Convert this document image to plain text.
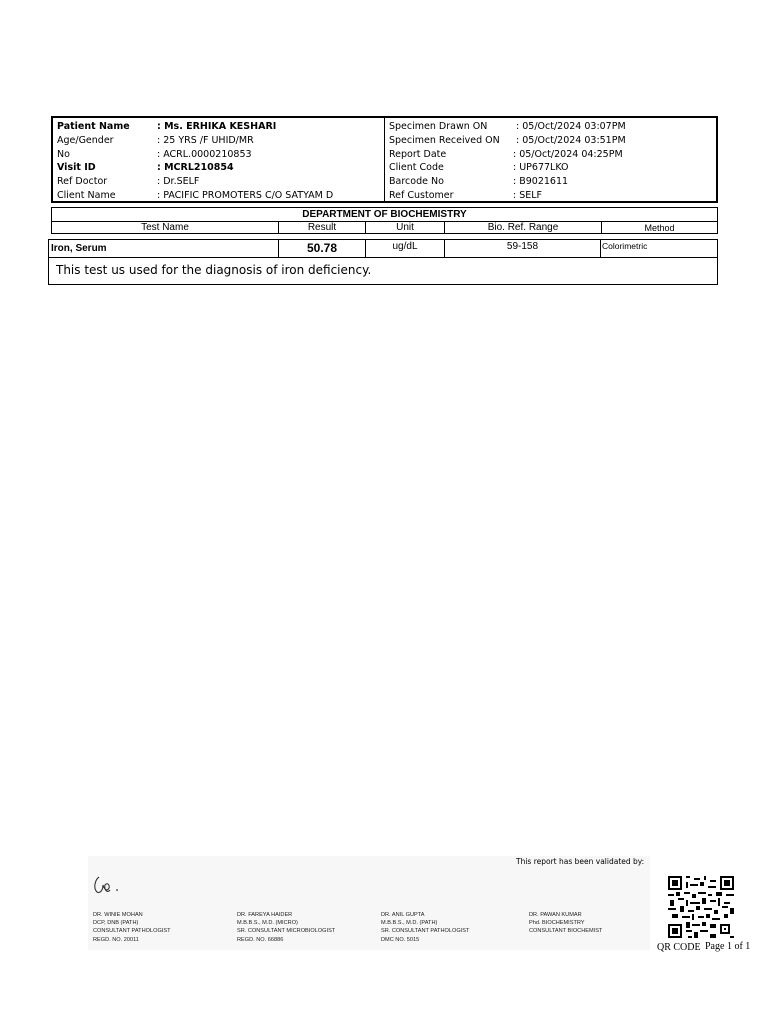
Patient Name	: Ms. ERHIKA KESHARI
Age/Gender	: 25 YRS /F UHID/MR
No	: ACRL.0000210853
Visit ID	: MCRL210854
Ref Doctor	: Dr.SELF
Client Name	: PACIFIC PROMOTERS C/O SATYAM D
Specimen Drawn ON	: 05/Oct/2024 03:07PM
Specimen Received ON : 05/Oct/2024 03:51PM
Report Date	: 05/Oct/2024 04:25PM
Client Code	: UP677LKO
Barcode No	: B9021611
Ref Customer	: SELF
DEPARTMENT OF BIOCHEMISTRY
Test Name	Result	Unit	Bio. Ref. Range	Method
Iron, Serum	50.78	ug/dL	59-158	Colorimetric
This test us used for the diagnosis of iron deficiency.
This report has been validated by:
DR. WINIE MOHAN
DCP, DNB (PATH)
CONSULTANT PATHOLOGIST
REGD. NO. 20011
DR. FAREYA HAIDER
M.B.B.S., M.D. (MICRO)
SR. CONSULTANT MICROBIOLOGIST
REGD. NO. 66886
DR. ANIL GUPTA
M.B.B.S., M.D. (PATH)
SR. CONSULTANT PATHOLOGIST
DMC NO. 5015
DR. PAWAN KUMAR
Phd. BIOCHEMISTRY
CONSULTANT BIOCHEMIST
QR CODE Page 1 of 1
